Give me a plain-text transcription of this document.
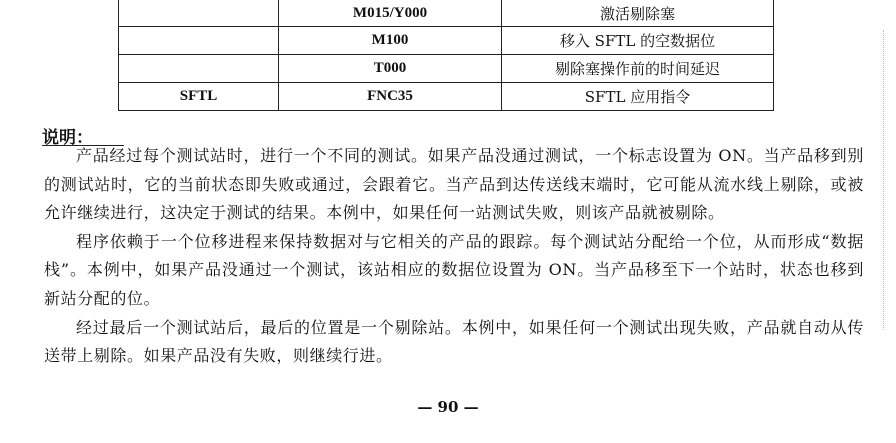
	M015/Y000	激活剔除塞
	M100	移入 SFTL 的空数据位
	T000	剔除塞操作前的时间延迟
SFTL	FNC35	SFTL 应用指令
说明：

产品经过每个测试站时，进行一个不同的测试。如果产品没通过测试，一个标志设置为 ON。当产品移到别的测试站时，它的当前状态即失败或通过，会跟着它。当产品到达传送线末端时，它可能从流水线上剔除，或被允许继续进行，这决定于测试的结果。本例中，如果任何一站测试失败，则该产品就被剔除。

程序依赖于一个位移进程来保持数据对与它相关的产品的跟踪。每个测试站分配给一个位，从而形成“数据栈”。本例中，如果产品没通过一个测试，该站相应的数据位设置为 ON。当产品移至下一个站时，状态也移到新站分配的位。

经过最后一个测试站后，最后的位置是一个剔除站。本例中，如果任何一个测试出现失败，产品就自动从传送带上剔除。如果产品没有失败，则继续行进。

— 90 —
